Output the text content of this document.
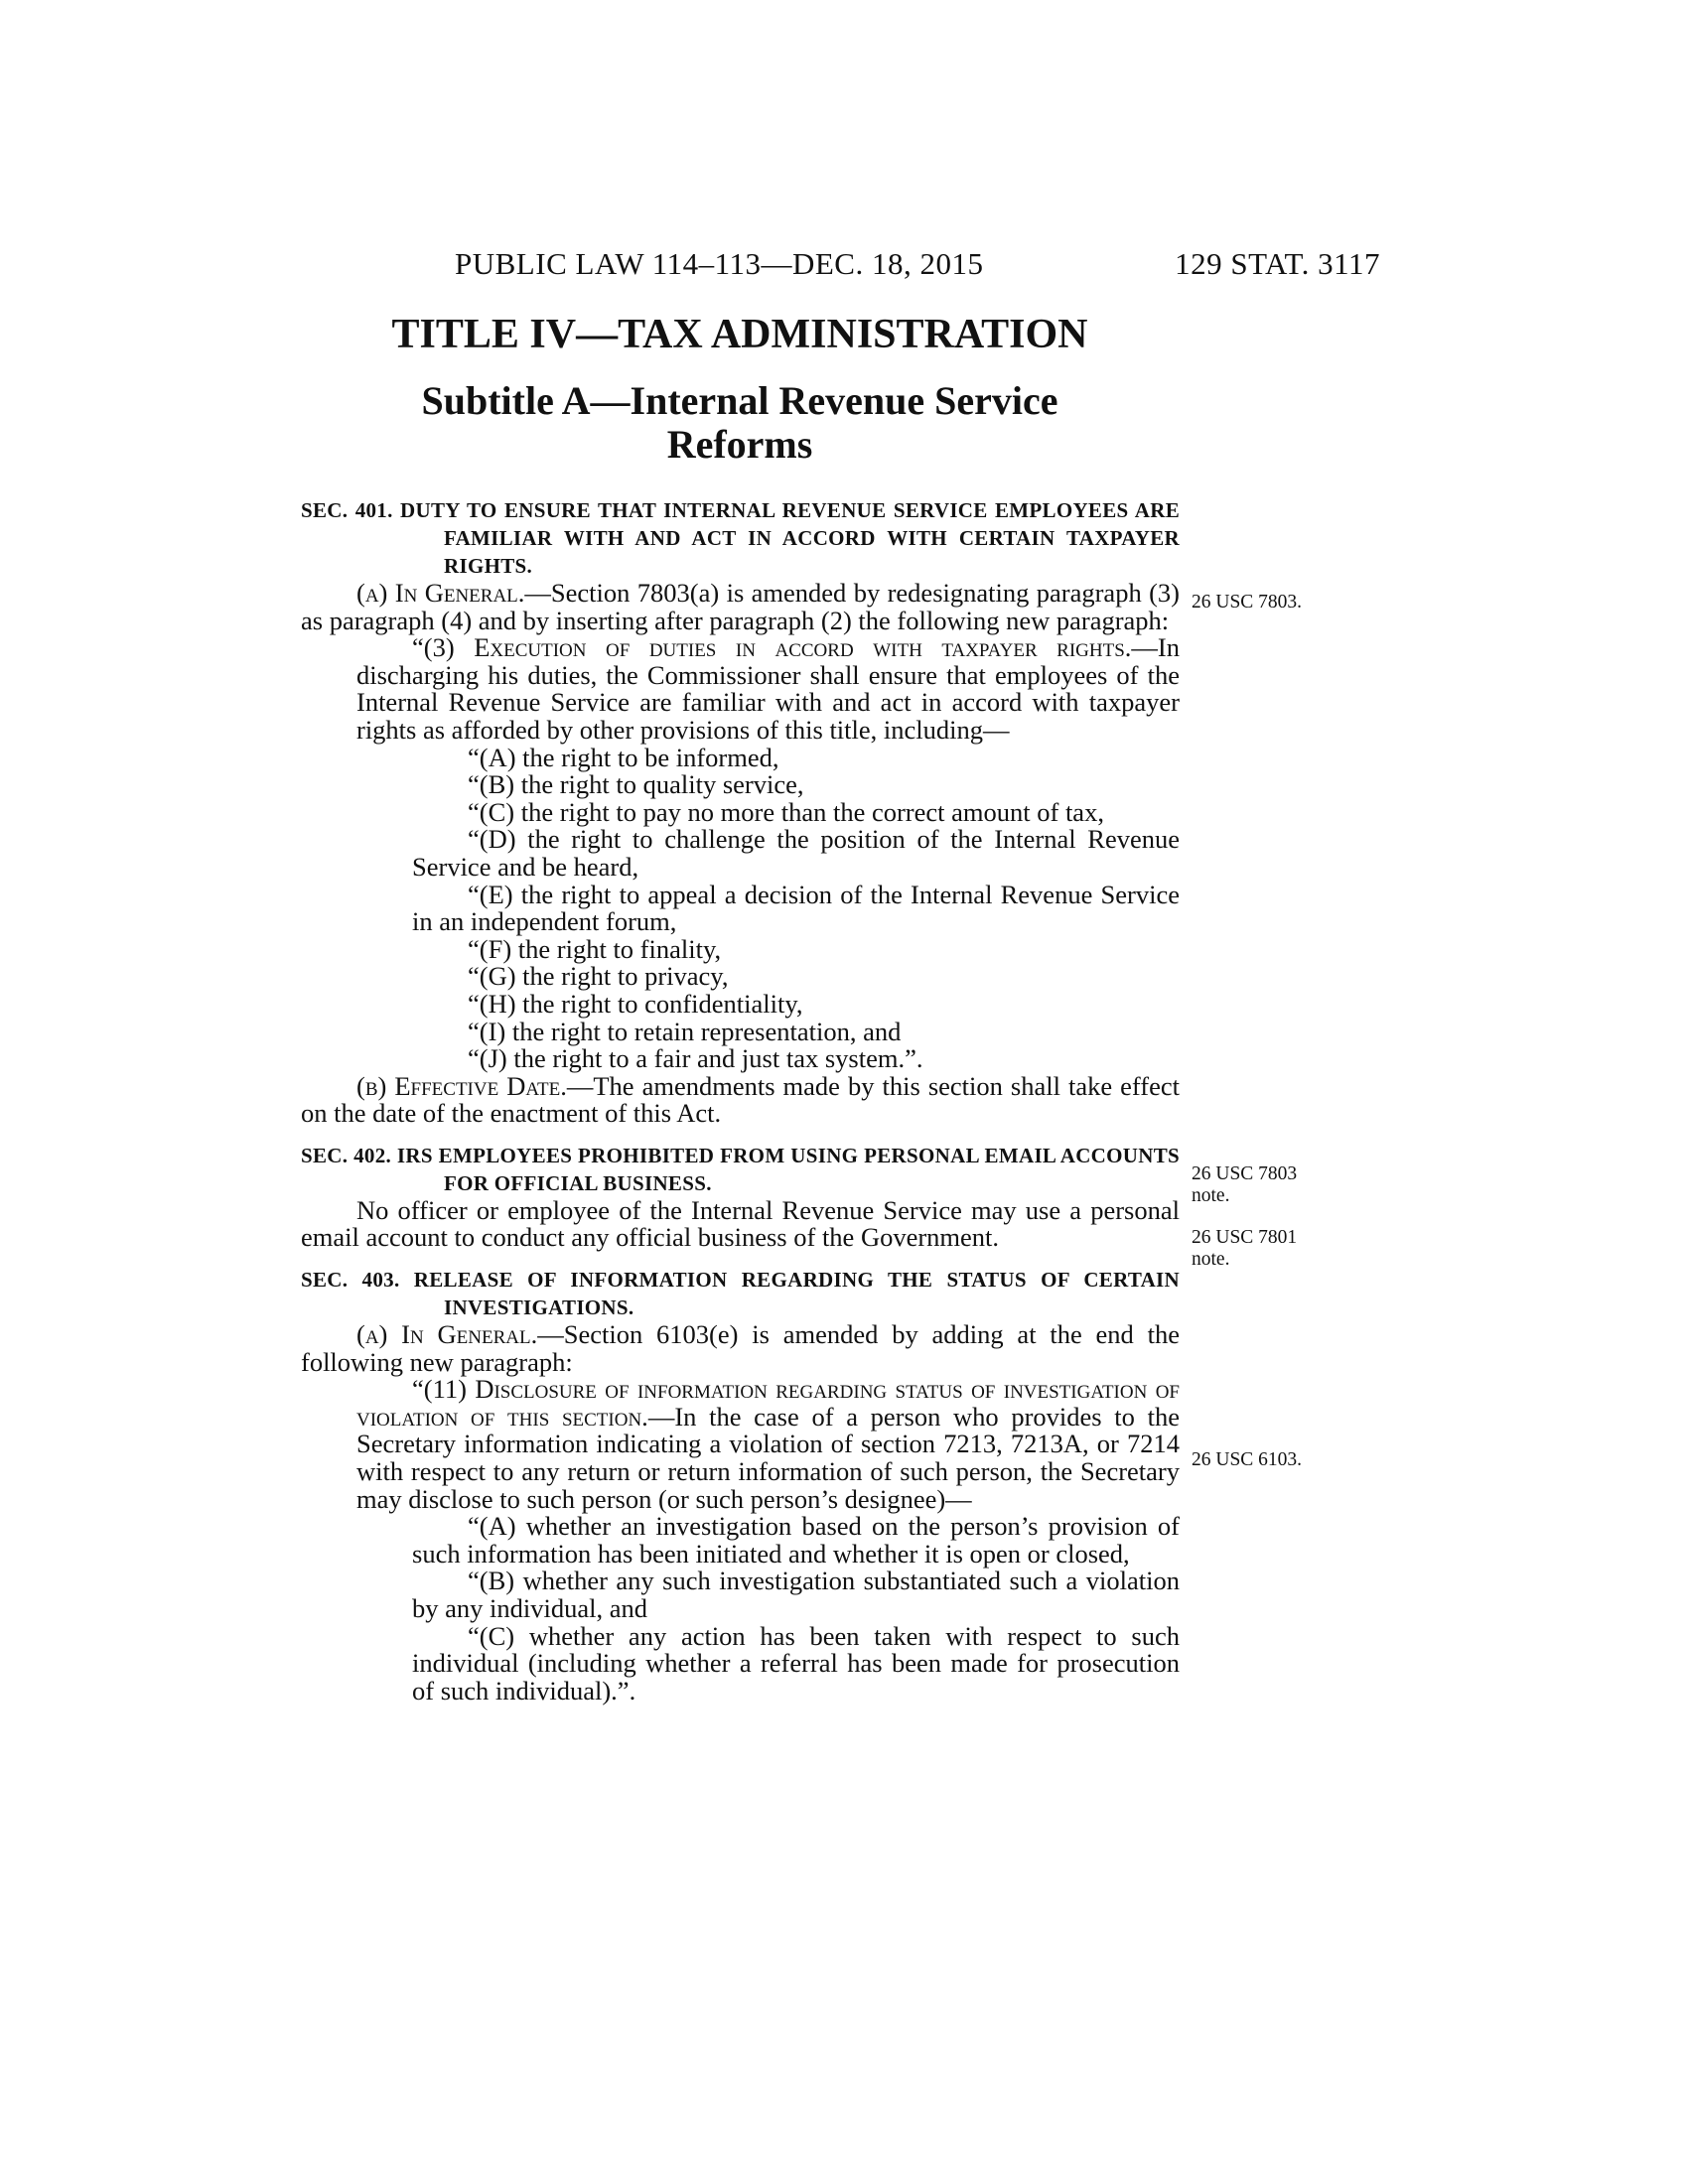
PUBLIC LAW 114–113—DEC. 18, 2015	129 STAT. 3117
TITLE IV—TAX ADMINISTRATION
Subtitle A—Internal Revenue Service Reforms

SEC. 401. DUTY TO ENSURE THAT INTERNAL REVENUE SERVICE EMPLOYEES ARE FAMILIAR WITH AND ACT IN ACCORD WITH CERTAIN TAXPAYER RIGHTS.

(a) In General.—Section 7803(a) is amended by redesignating paragraph (3) as paragraph (4) and by inserting after paragraph (2) the following new paragraph:

“(3) Execution of duties in accord with taxpayer rights.—In discharging his duties, the Commissioner shall ensure that employees of the Internal Revenue Service are familiar with and act in accord with taxpayer rights as afforded by other provisions of this title, including—

“(A) the right to be informed,

“(B) the right to quality service,

“(C) the right to pay no more than the correct amount of tax,

“(D) the right to challenge the position of the Internal Revenue Service and be heard,

“(E) the right to appeal a decision of the Internal Revenue Service in an independent forum,

“(F) the right to finality,

“(G) the right to privacy,

“(H) the right to confidentiality,

“(I) the right to retain representation, and

“(J) the right to a fair and just tax system.”.

(b) Effective Date.—The amendments made by this section shall take effect on the date of the enactment of this Act.

SEC. 402. IRS EMPLOYEES PROHIBITED FROM USING PERSONAL EMAIL ACCOUNTS FOR OFFICIAL BUSINESS.

No officer or employee of the Internal Revenue Service may use a personal email account to conduct any official business of the Government.

SEC. 403. RELEASE OF INFORMATION REGARDING THE STATUS OF CERTAIN INVESTIGATIONS.

(a) In General.—Section 6103(e) is amended by adding at the end the following new paragraph:

“(11) Disclosure of information regarding status of investigation of violation of this section.—In the case of a person who provides to the Secretary information indicating a violation of section 7213, 7213A, or 7214 with respect to any return or return information of such person, the Secretary may disclose to such person (or such person’s designee)—

“(A) whether an investigation based on the person’s provision of such information has been initiated and whether it is open or closed,

“(B) whether any such investigation substantiated such a violation by any individual, and

“(C) whether any action has been taken with respect to such individual (including whether a referral has been made for prosecution of such individual).”.

26 USC 7803.
26 USC 7803
note.
26 USC 7801
note.
26 USC 6103.
